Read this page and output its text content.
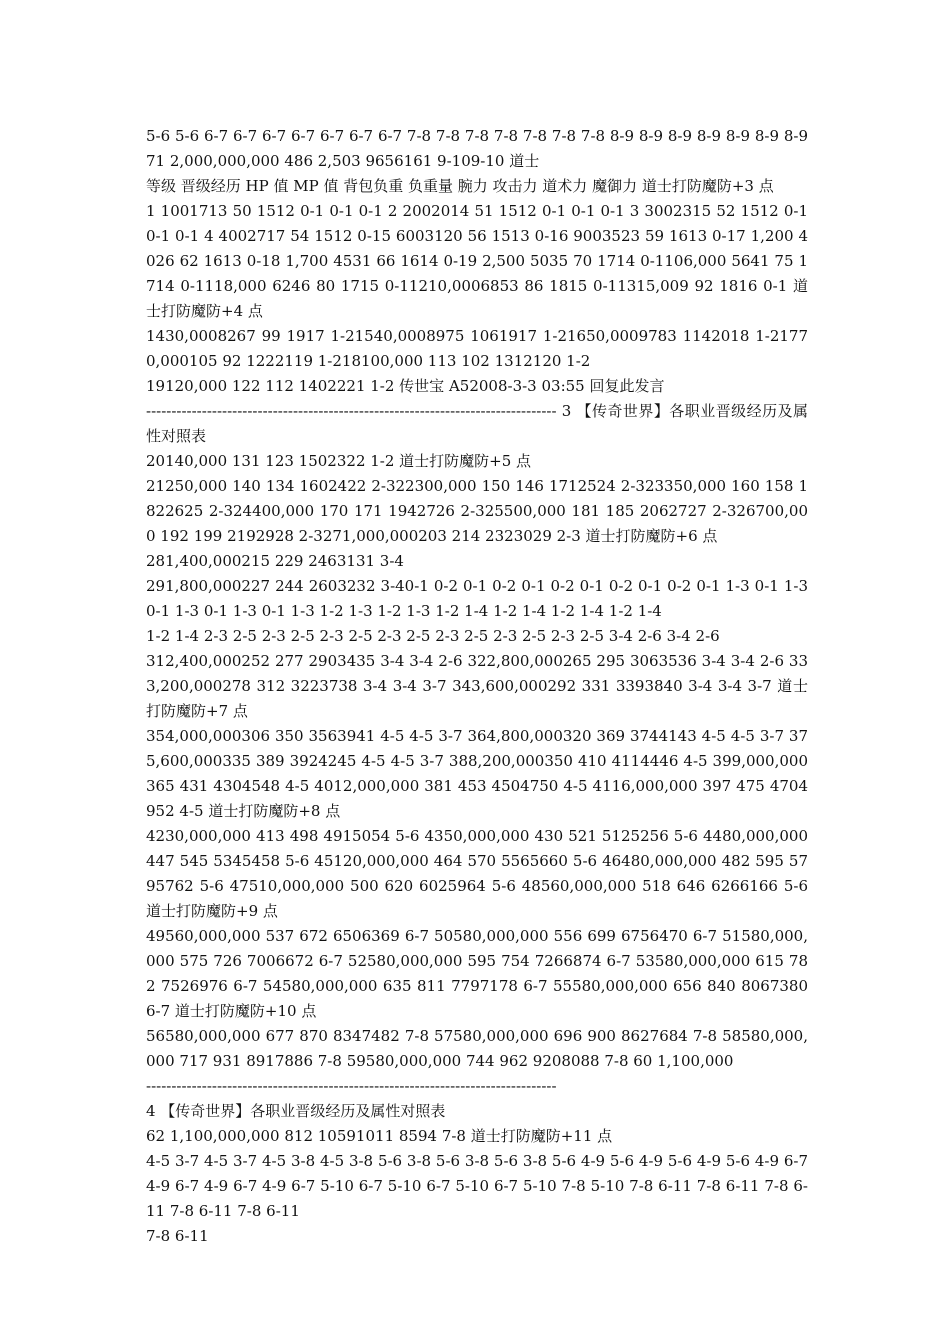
5-6 5-6 6-7 6-7 6-7 6-7 6-7 6-7 6-7 7-8 7-8 7-8 7-8 7-8 7-8 7-8 8-9 8-9 8-9 8-9 8-9 8-9 8-9 71 2,000,000,000 486 2,503 9656161 9-109-10 道士

等级 晋级经历 HP 值 MP 值 背包负重 负重量 腕力 攻击力 道术力 魔御力 道士打防魔防+3 点

1 1001713 50 1512 0-1 0-1 0-1 2 2002014 51 1512 0-1 0-1 0-1 3 3002315 52 1512 0-1 0-1 0-1 4 4002717 54 1512 0-15 6003120 56 1513 0-16 9003523 59 1613 0-17 1,200 4026 62 1613 0-18 1,700 4531 66 1614 0-19 2,500 5035 70 1714 0-1106,000 5641 75 1714 0-1118,000 6246 80 1715 0-11210,0006853 86 1815 0-11315,009 92 1816 0-1 道士打防魔防+4 点

1430,0008267 99 1917 1-21540,0008975 1061917 1-21650,0009783 1142018 1-21770,000105 92 1222119 1-218100,000 113 102 1312120 1-2

19120,000 122 112 1402221 1-2 传世宝 A52008-3-3 03:55 回复此发言

--------------------------------------------------------------------------------- 3 【传奇世界】各职业晋级经历及属性对照表

20140,000 131 123 1502322 1-2 道士打防魔防+5 点

21250,000 140 134 1602422 2-322300,000 150 146 1712524 2-323350,000 160 158 1822625 2-324400,000 170 171 1942726 2-325500,000 181 185 2062727 2-326700,000 192 199 2192928 2-3271,000,000203 214 2323029 2-3 道士打防魔防+6 点

281,400,000215 229 2463131 3-4

291,800,000227 244 2603232 3-40-1 0-2 0-1 0-2 0-1 0-2 0-1 0-2 0-1 0-2 0-1 1-3 0-1 1-3 0-1 1-3 0-1 1-3 0-1 1-3 1-2 1-3 1-2 1-3 1-2 1-4 1-2 1-4 1-2 1-4 1-2 1-4

1-2 1-4 2-3 2-5 2-3 2-5 2-3 2-5 2-3 2-5 2-3 2-5 2-3 2-5 2-3 2-5 3-4 2-6 3-4 2-6

312,400,000252 277 2903435 3-4 3-4 2-6 322,800,000265 295 3063536 3-4 3-4 2-6 333,200,000278 312 3223738 3-4 3-4 3-7 343,600,000292 331 3393840 3-4 3-4 3-7 道士打防魔防+7 点

354,000,000306 350 3563941 4-5 4-5 3-7 364,800,000320 369 3744143 4-5 4-5 3-7 375,600,000335 389 3924245 4-5 4-5 3-7 388,200,000350 410 4114446 4-5 399,000,000365 431 4304548 4-5 4012,000,000 381 453 4504750 4-5 4116,000,000 397 475 4704952 4-5 道士打防魔防+8 点

4230,000,000 413 498 4915054 5-6 4350,000,000 430 521 5125256 5-6 4480,000,000 447 545 5345458 5-6 45120,000,000 464 570 5565660 5-6 46480,000,000 482 595 5795762 5-6 47510,000,000 500 620 6025964 5-6 48560,000,000 518 646 6266166 5-6 道士打防魔防+9 点

49560,000,000 537 672 6506369 6-7 50580,000,000 556 699 6756470 6-7 51580,000,000 575 726 7006672 6-7 52580,000,000 595 754 7266874 6-7 53580,000,000 615 782 7526976 6-7 54580,000,000 635 811 7797178 6-7 55580,000,000 656 840 8067380 6-7 道士打防魔防+10 点

56580,000,000 677 870 8347482 7-8 57580,000,000 696 900 8627684 7-8 58580,000,000 717 931 8917886 7-8 59580,000,000 744 962 9208088 7-8 60 1,100,000

---------------------------------------------------------------------------------

4 【传奇世界】各职业晋级经历及属性对照表

62 1,100,000,000 812 10591011 8594 7-8 道士打防魔防+11 点

4-5 3-7 4-5 3-7 4-5 3-8 4-5 3-8 5-6 3-8 5-6 3-8 5-6 3-8 5-6 4-9 5-6 4-9 5-6 4-9 5-6 4-9 6-7 4-9 6-7 4-9 6-7 4-9 6-7 5-10 6-7 5-10 6-7 5-10 6-7 5-10 7-8 5-10 7-8 6-11 7-8 6-11 7-8 6-11 7-8 6-11 7-8 6-11

7-8 6-11
